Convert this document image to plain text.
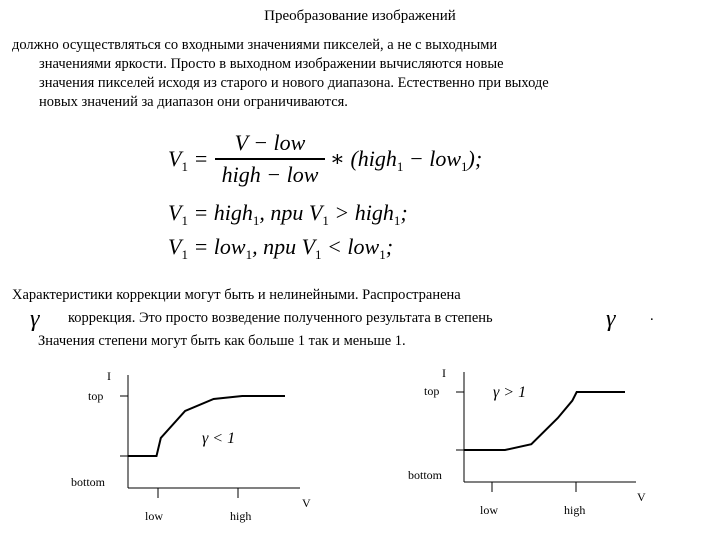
Преобразование изображений
должно осуществляться со входными значениями пикселей, а не с выходными
значениями яркости. Просто в выходном изображении вычисляются новые
значения пикселей исходя из старого и нового диапазона. Естественно при выходе
новых значений за диапазон они ограничиваются.
$V_1$ =
V − low
high − low
∗ (high$_1$ − low$_1$);
$V_1$ = high$_1$, при $V_1$ > high$_1$;
$V_1 = low_1$, при $V_1 < low_1$;
Характеристики коррекции могут быть и нелинейными. Распространена
коррекция. Это просто возведение полученного результата в степень
Значения степени могут быть как больше 1 так и меньше 1.
γ	γ .
I
top
bottom
low	high
V
γ < 1
I
top
bottom
low	high
V
γ > 1
